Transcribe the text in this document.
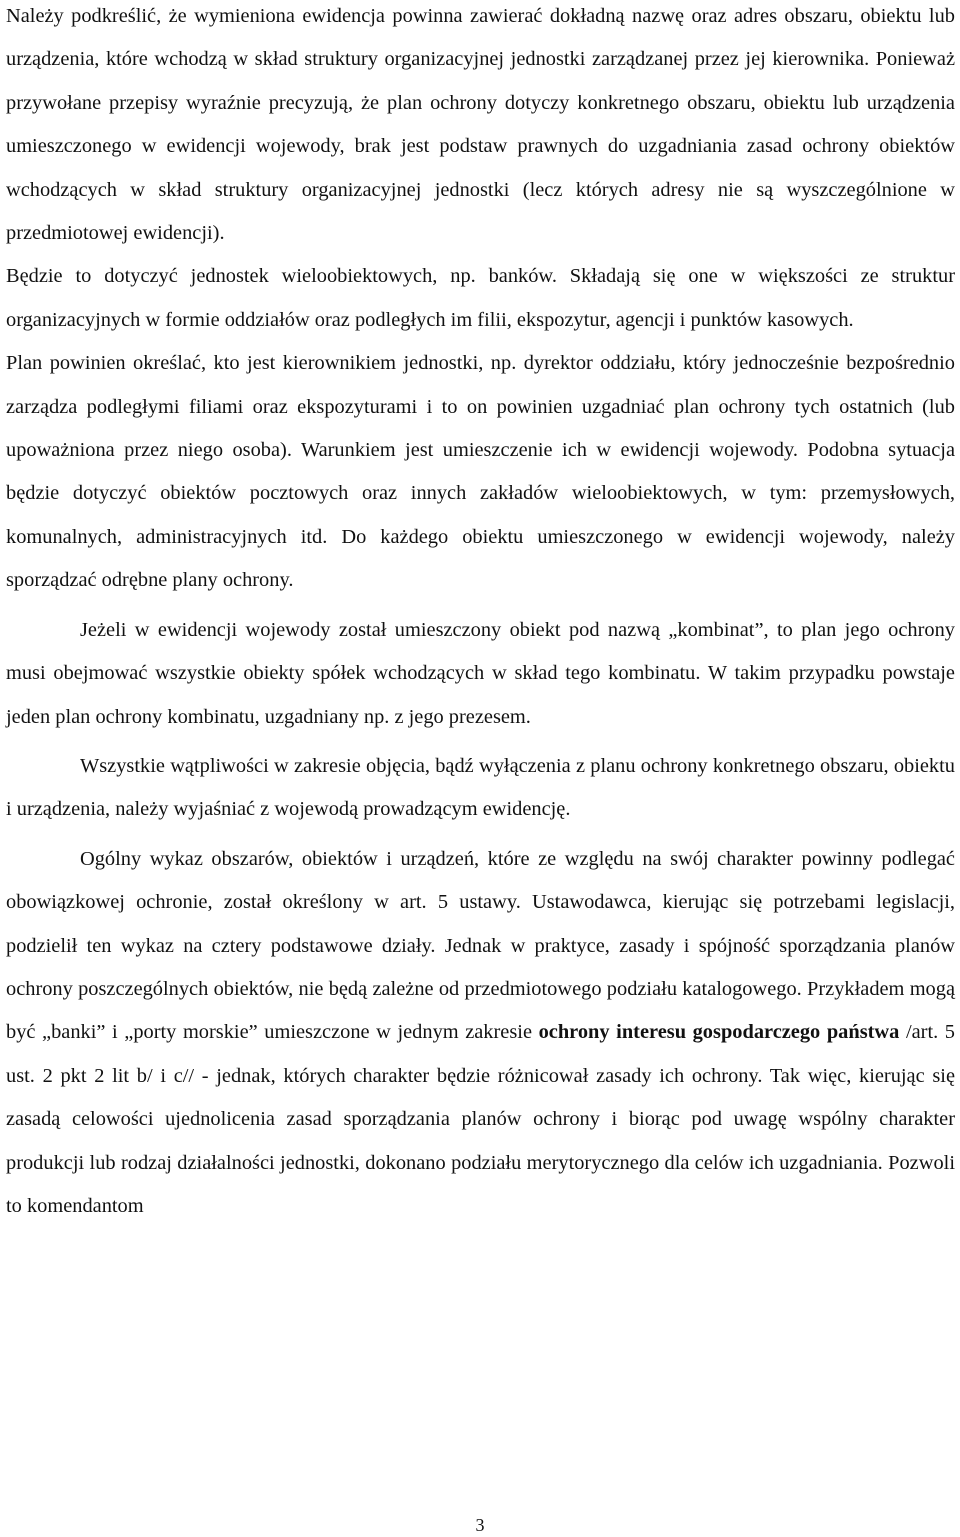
Należy podkreślić, że wymieniona ewidencja powinna zawierać dokładną nazwę oraz adres obszaru, obiektu lub urządzenia, które wchodzą w skład struktury organizacyjnej jednostki zarządzanej przez jej kierownika. Ponieważ przywołane przepisy wyraźnie precyzują, że plan ochrony dotyczy konkretnego obszaru, obiektu lub urządzenia umieszczonego w ewidencji wojewody, brak jest podstaw prawnych do uzgadniania zasad ochrony obiektów wchodzących w skład struktury organizacyjnej jednostki (lecz których adresy nie są wyszczególnione w przedmiotowej ewidencji).

Będzie to dotyczyć jednostek wieloobiektowych, np. banków. Składają się one w większości ze struktur organizacyjnych w formie oddziałów oraz podległych im filii, ekspozytur, agencji i punktów kasowych.

Plan powinien określać, kto jest kierownikiem jednostki, np. dyrektor oddziału, który jednocześnie bezpośrednio zarządza podległymi filiami oraz ekspozyturami i to on powinien uzgadniać plan ochrony tych ostatnich (lub upoważniona przez niego osoba). Warunkiem jest umieszczenie ich w ewidencji wojewody. Podobna sytuacja będzie dotyczyć obiektów pocztowych oraz innych zakładów wieloobiektowych, w tym: przemysłowych, komunalnych, administracyjnych itd. Do każdego obiektu umieszczonego w ewidencji wojewody, należy sporządzać odrębne plany ochrony.

Jeżeli w ewidencji wojewody został umieszczony obiekt pod nazwą „kombinat”, to plan jego ochrony musi obejmować wszystkie obiekty spółek wchodzących w skład tego kombinatu. W takim przypadku powstaje jeden plan ochrony kombinatu, uzgadniany np. z jego prezesem.

Wszystkie wątpliwości w zakresie objęcia, bądź wyłączenia z planu ochrony konkretnego obszaru, obiektu i urządzenia, należy wyjaśniać z wojewodą prowadzącym ewidencję.

Ogólny wykaz obszarów, obiektów i urządzeń, które ze względu na swój charakter powinny podlegać obowiązkowej ochronie, został określony w art. 5 ustawy. Ustawodawca, kierując się potrzebami legislacji, podzielił ten wykaz na cztery podstawowe działy. Jednak w praktyce, zasady i spójność sporządzania planów ochrony poszczególnych obiektów, nie będą zależne od przedmiotowego podziału katalogowego. Przykładem mogą być „banki” i „porty morskie” umieszczone w jednym zakresie ochrony interesu gospodarczego państwa /art. 5 ust. 2 pkt 2 lit b/ i c// - jednak, których charakter będzie różnicował zasady ich ochrony. Tak więc, kierując się zasadą celowości ujednolicenia zasad sporządzania planów ochrony i biorąc pod uwagę wspólny charakter produkcji lub rodzaj działalności jednostki, dokonano podziału merytorycznego dla celów ich uzgadniania. Pozwoli to komendantom

3
